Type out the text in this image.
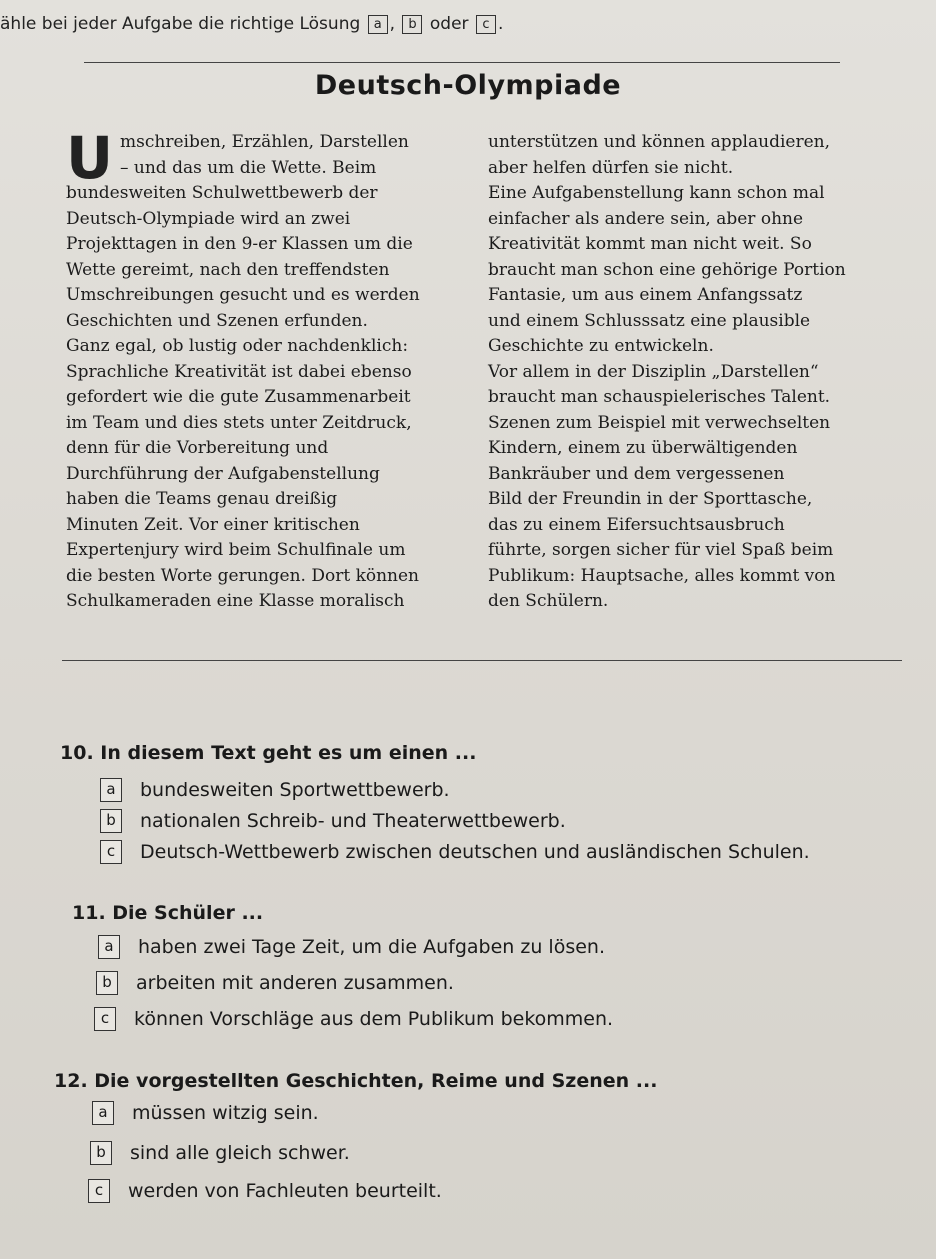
ähle bei jeder Aufgabe die richtige Lösung a , b oder c .
Deutsch-Olympiade
U mschreiben, Erzählen, Darstellen
– und das um die Wette. Beim
bundesweiten Schulwettbewerb der
Deutsch-Olympiade wird an zwei
Projekttagen in den 9-er Klassen um die
Wette gereimt, nach den treffendsten
Umschreibungen gesucht und es werden
Geschichten und Szenen erfunden.
Ganz egal, ob lustig oder nachdenklich:
Sprachliche Kreativität ist dabei ebenso
gefordert wie die gute Zusammenarbeit
im Team und dies stets unter Zeitdruck,
denn für die Vorbereitung und
Durchführung der Aufgabenstellung
haben die Teams genau dreißig
Minuten Zeit. Vor einer kritischen
Expertenjury wird beim Schulfinale um
die besten Worte gerungen. Dort können
Schulkameraden eine Klasse moralisch
unterstützen und können applaudieren,
aber helfen dürfen sie nicht.
Eine Aufgabenstellung kann schon mal
einfacher als andere sein, aber ohne
Kreativität kommt man nicht weit. So
braucht man schon eine gehörige Portion
Fantasie, um aus einem Anfangssatz
und einem Schlusssatz eine plausible
Geschichte zu entwickeln.
Vor allem in der Disziplin „Darstellen“
braucht man schauspielerisches Talent.
Szenen zum Beispiel mit verwechselten
Kindern, einem zu überwältigenden
Bankräuber und dem vergessenen
Bild der Freundin in der Sporttasche,
das zu einem Eifersuchtsausbruch
führte, sorgen sicher für viel Spaß beim
Publikum: Hauptsache, alles kommt von
den Schülern.
10. In diesem Text geht es um einen ...
a	bundesweiten Sportwettbewerb.
b	nationalen Schreib- und Theaterwettbewerb.
c	Deutsch-Wettbewerb zwischen deutschen und ausländischen Schulen.
11. Die Schüler ...
a	haben zwei Tage Zeit, um die Aufgaben zu lösen.
b	arbeiten mit anderen zusammen.
c	können Vorschläge aus dem Publikum bekommen.
12. Die vorgestellten Geschichten, Reime und Szenen ...
a	müssen witzig sein.
b	sind alle gleich schwer.
c	werden von Fachleuten beurteilt.
